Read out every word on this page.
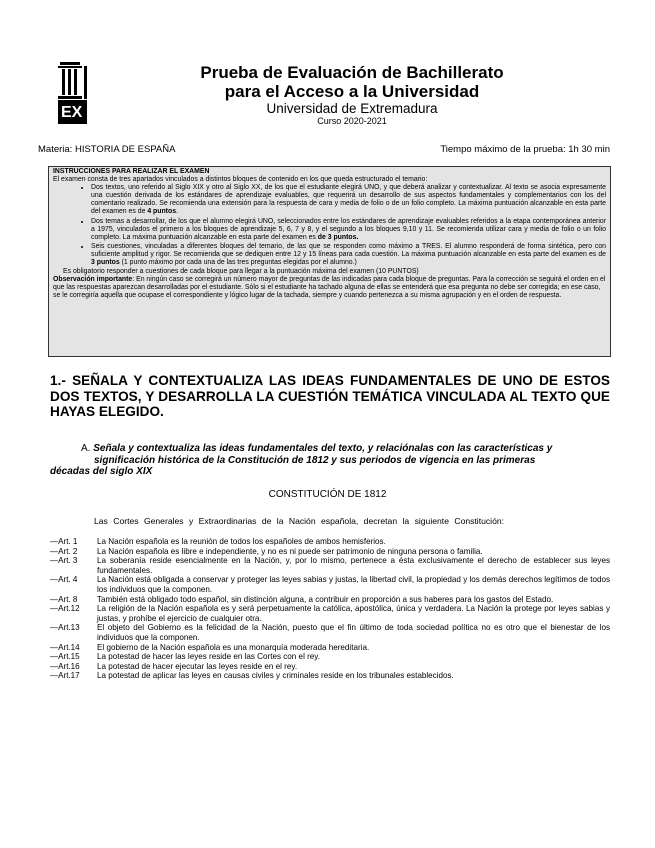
EX
Prueba de Evaluación de Bachillerato
para el Acceso a la Universidad
Universidad de Extremadura
Curso 2020-2021
Materia: HISTORIA DE ESPAÑA	Tiempo máximo de la prueba: 1h 30 min

INSTRUCCIONES PARA REALIZAR EL EXAMEN

El examen consta de tres apartados vinculados a distintos bloques de contenido en los que queda estructurado el temario:

• Dos textos, uno referido al Siglo XIX y otro al Siglo XX, de los que el estudiante elegirá UNO, y que deberá analizar y contextualizar. Al texto se asocia expresamente una cuestión derivada de los estándares de aprendizaje evaluables, que requerirá un desarrollo de sus aspectos fundamentales y complementarios con los del comentario realizado. Se recomienda una extensión para la respuesta de cara y media de folio o de un folio completo. La máxima puntuación alcanzable en esta parte del examen es de 4 puntos.
• Dos temas a desarrollar, de los que el alumno elegirá UNO, seleccionados entre los estándares de aprendizaje evaluables referidos a la etapa contemporánea anterior a 1975, vinculados el primero a los bloques de aprendizaje 5, 6, 7 y 8, y el segundo a los bloques 9,10 y 11. Se recomienda utilizar cara y media de folio o un folio completo. La máxima puntuación alcanzable en esta parte del examen es de 3 puntos.
• Seis cuestiones, vinculadas a diferentes bloques del temario, de las que se responden como máximo a TRES. El alumno responderá de forma sintética, pero con suficiente amplitud y rigor. Se recomienda que se dediquen entre 12 y 15 líneas para cada cuestión. La máxima puntuación alcanzable en esta parte del examen es de 3 puntos (1 punto máximo por cada una de las tres preguntas elegidas por el alumno.)

Es obligatorio responder a cuestiones de cada bloque para llegar a la puntuación máxima del examen (10 PUNTOS)

Observación importante: En ningún caso se corregirá un número mayor de preguntas de las indicadas para cada bloque de preguntas. Para la corrección se seguirá el orden en el que las respuestas aparezcan desarrolladas por el estudiante. Sólo si el estudiante ha tachado alguna de ellas se entenderá que esa pregunta no debe ser corregida; en ese caso, se le corregiría aquella que ocupase el correspondiente y lógico lugar de la tachada, siempre y cuando pertenezca a su misma agrupación y en el orden de respuesta.

1.- SEÑALA Y CONTEXTUALIZA LAS IDEAS FUNDAMENTALES DE UNO DE ESTOS DOS TEXTOS, Y DESARROLLA LA CUESTIÓN TEMÁTICA VINCULADA AL TEXTO QUE HAYAS ELEGIDO.
A. Señala y contextualiza las ideas fundamentales del texto, y relaciónalas con las características y
significación histórica de la Constitución de 1812 y sus periodos de vigencia en las primeras
décadas del siglo XIX
CONSTITUCIÓN DE 1812
Las Cortes Generales y Extraordinarias de la Nación española, decretan la siguiente Constitución:
—Art. 1	La Nación española es la reunión de todos los españoles de ambos hemisferios.
—Art. 2	La Nación española es libre e independiente, y no es ni puede ser patrimonio de ninguna persona o familia.
—Art. 3	La soberanía reside esencialmente en la Nación, y, por lo mismo, pertenece a ésta exclusivamente el derecho de establecer sus leyes fundamentales.
—Art. 4	La Nación está obligada a conservar y proteger las leyes sabias y justas, la libertad civil, la propiedad y los demás derechos legítimos de todos los individuos que la componen.
—Art. 8	También está obligado todo español, sin distinción alguna, a contribuir en proporción a sus haberes para los gastos del Estado.
—Art.12	La religión de la Nación española es y será perpetuamente la católica, apostólica, única y verdadera. La Nación la protege por leyes sabias y justas, y prohíbe el ejercicio de cualquier otra.
—Art.13	El objeto del Gobierno es la felicidad de la Nación, puesto que el fin último de toda sociedad política no es otro que el bienestar de los individuos que la componen.
—Art.14	El gobierno de la Nación española es una monarquía moderada hereditaria.
—Art.15	La potestad de hacer las leyes reside en las Cortes con el rey.
—Art.16	La potestad de hacer ejecutar las leyes reside en el rey.
—Art.17	La potestad de aplicar las leyes en causas civiles y criminales reside en los tribunales establecidos.
